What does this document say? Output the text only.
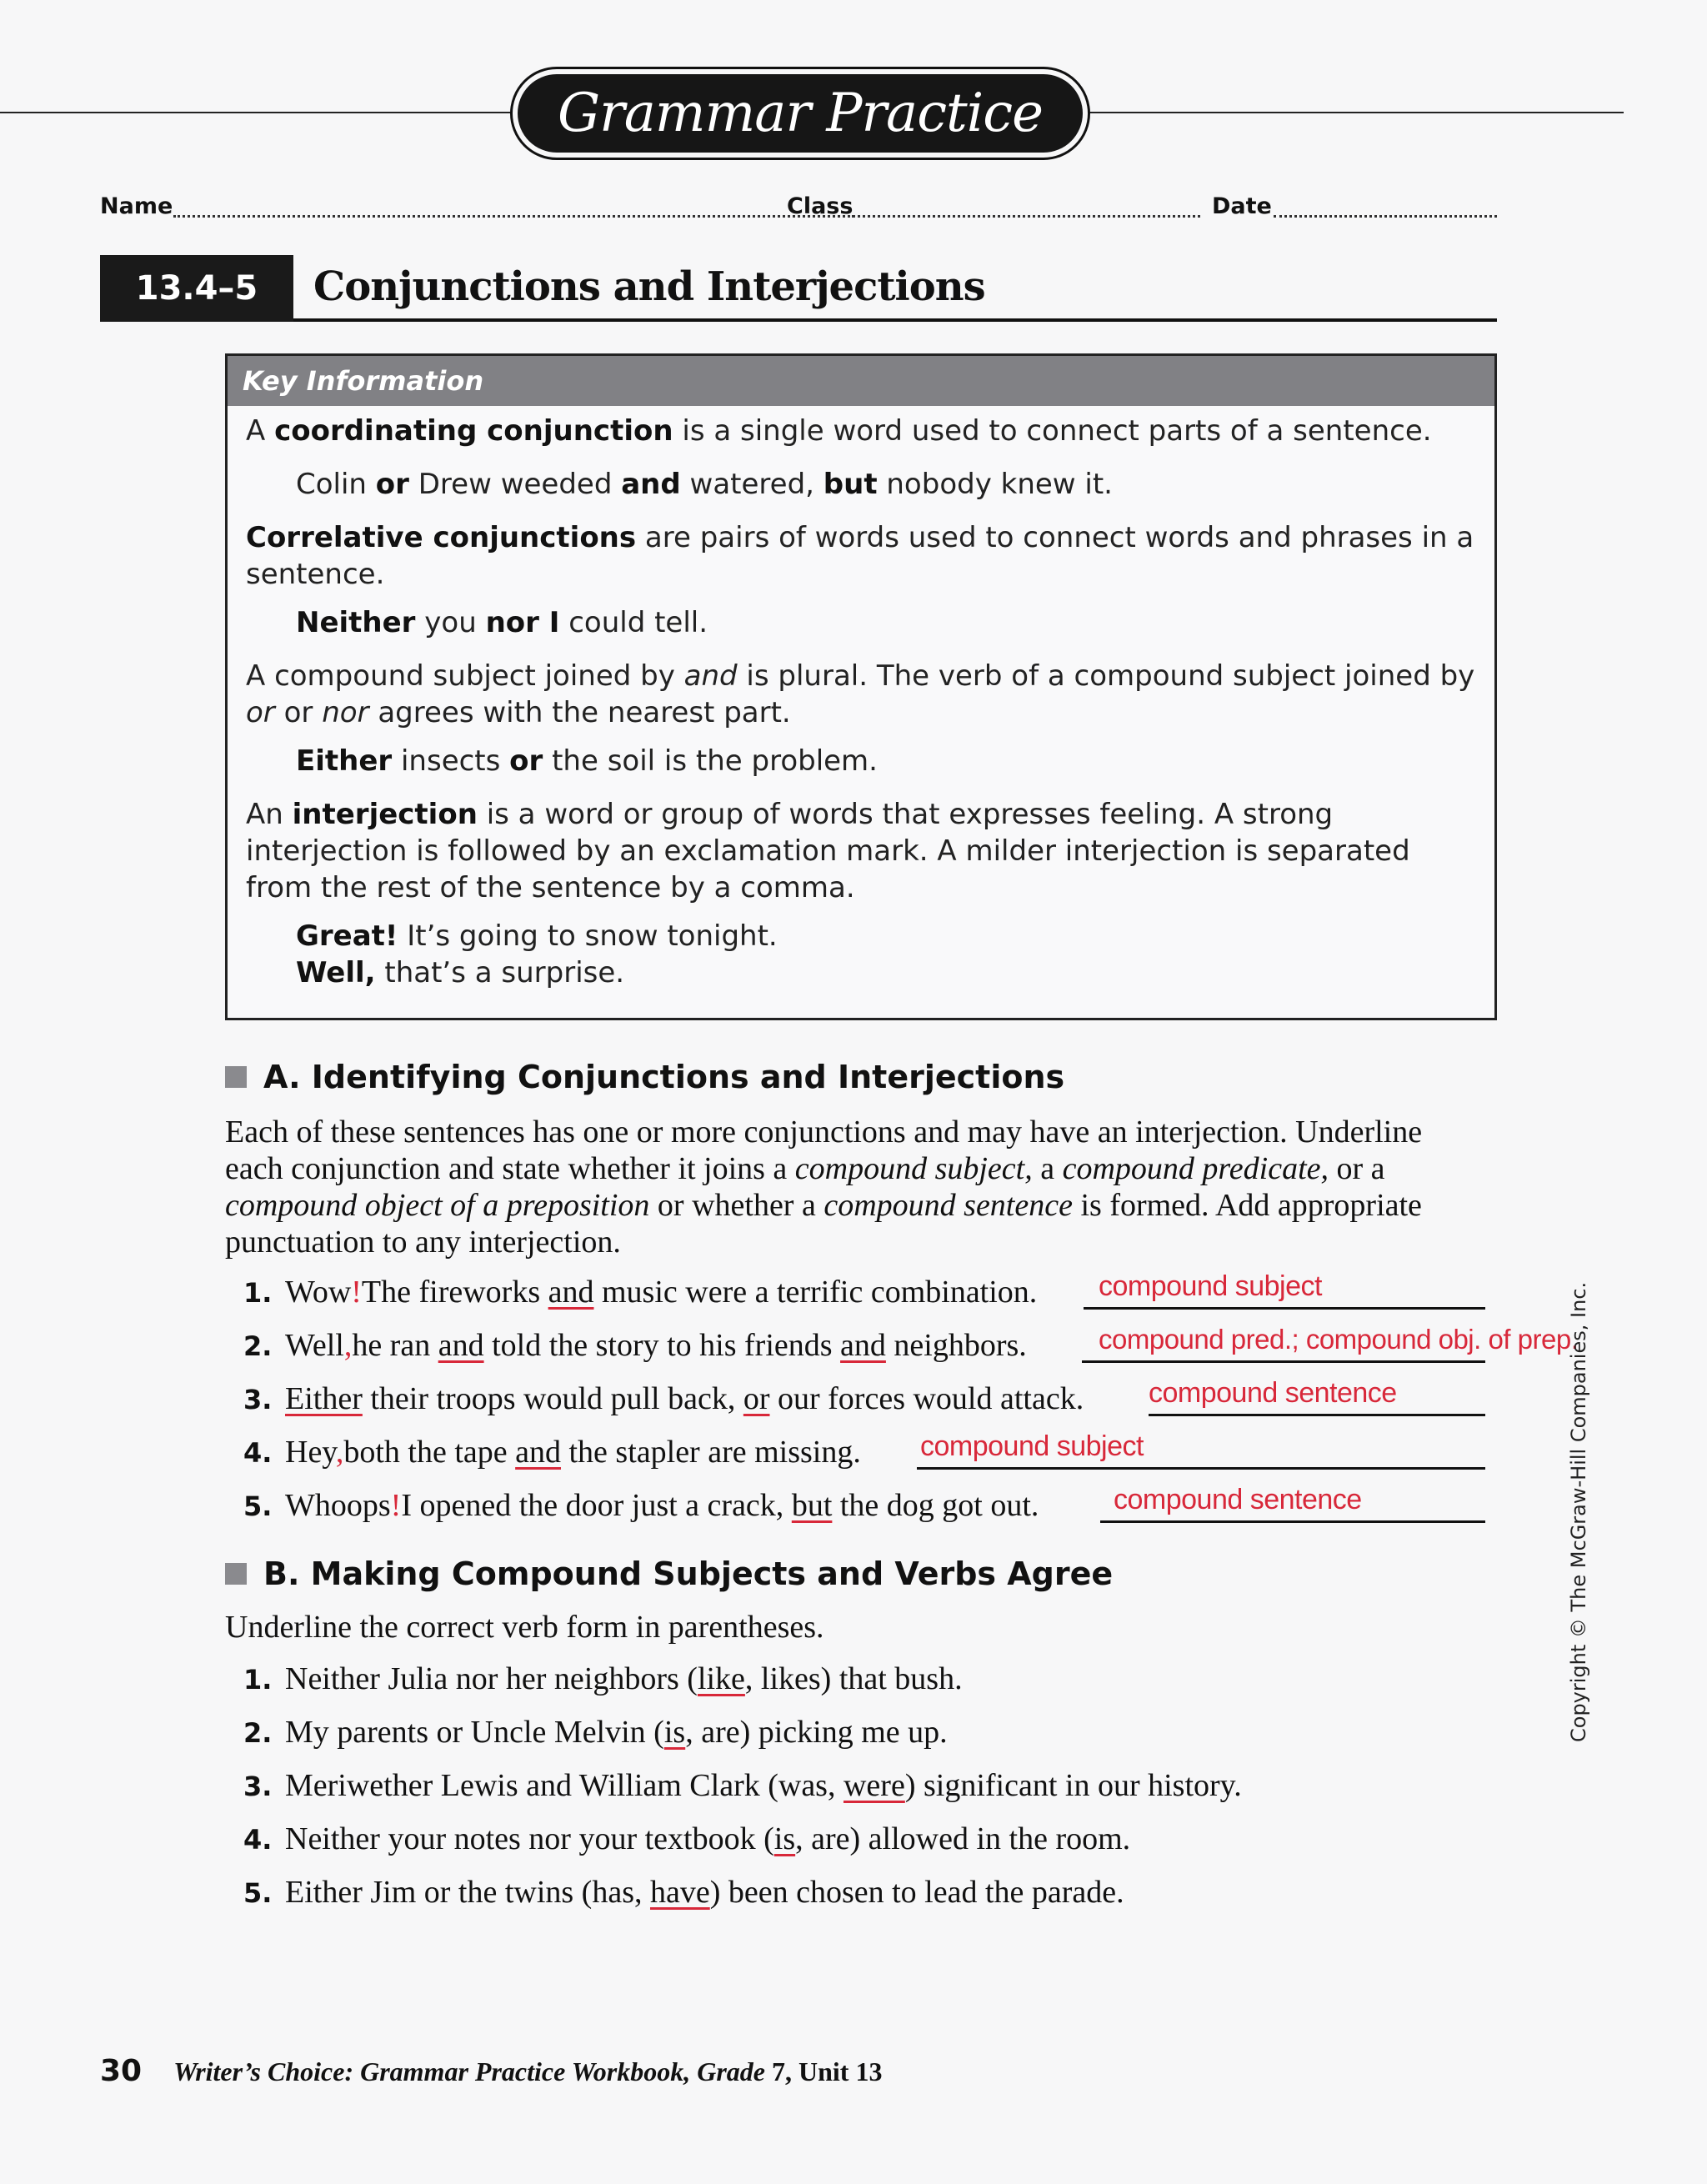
Grammar Practice
Name	Class	Date
13.4–5	Conjunctions and Interjections
Key Information

A coordinating conjunction is a single word used to connect parts of a sentence.

Colin or Drew weeded and watered, but nobody knew it.

Correlative conjunctions are pairs of words used to connect words and phrases in a sentence.

Neither you nor I could tell.

A compound subject joined by and is plural. The verb of a compound subject joined by or or nor agrees with the nearest part.

Either insects or the soil is the problem.

An interjection is a word or group of words that expresses feeling. A strong interjection is followed by an exclamation mark. A milder interjection is separated from the rest of the sentence by a comma.

Great! It’s going to snow tonight.

Well, that’s a surprise.

A. Identifying Conjunctions and Interjections
Each of these sentences has one or more conjunctions and may have an interjection. Underline each conjunction and state whether it joins a compound subject, a compound predicate, or a compound object of a preposition or whether a compound sentence is formed. Add appropriate punctuation to any interjection.
1. Wow!The fireworks and music were a terrific combination. compound subject
2. Well,he ran and told the story to his friends and neighbors.	compound pred.; compound obj. of prep.
3. Either their troops would pull back, or our forces would attack. compound sentence
4. Hey,both the tape and the stapler are missing. compound subject
5. Whoops!I opened the door just a crack, but the dog got out.	compound sentence
B. Making Compound Subjects and Verbs Agree
Underline the correct verb form in parentheses.
1. Neither Julia nor her neighbors (like, likes) that bush.
2. My parents or Uncle Melvin (is, are) picking me up.
3. Meriwether Lewis and William Clark (was, were) significant in our history.
4. Neither your notes nor your textbook (is, are) allowed in the room.
5. Either Jim or the twins (has, have) been chosen to lead the parade.
Copyright © The McGraw-Hill Companies, Inc.
30 Writer’s Choice: Grammar Practice Workbook, Grade 7, Unit 13
